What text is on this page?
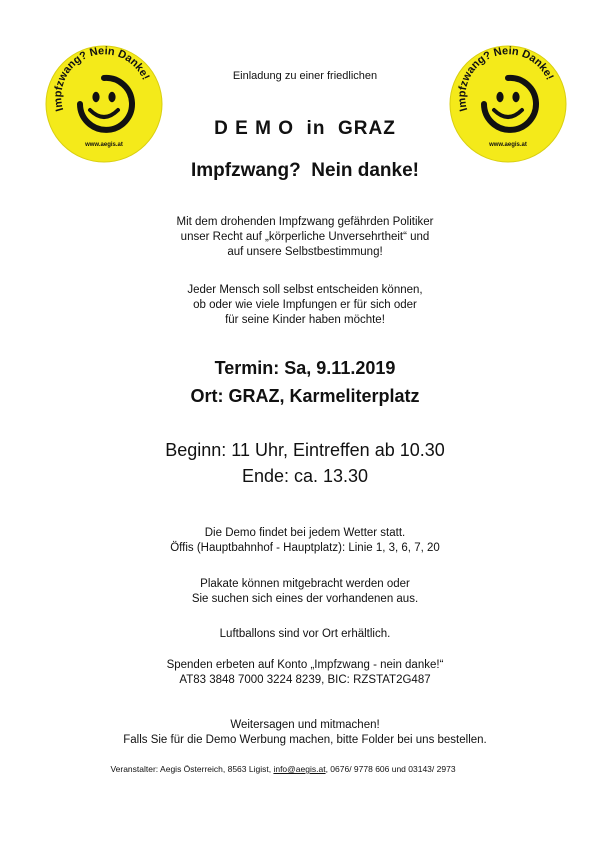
Impfzwang? Nein Danke!
www.aegis.at
Impfzwang? Nein Danke!
www.aegis.at
Einladung zu einer friedlichen
D E M O  in  GRAZ
Impfzwang?  Nein danke!
Mit dem drohenden Impfzwang gefährden Politiker
unser Recht auf „körperliche Unversehrtheit“ und
auf unsere Selbstbestimmung!
Jeder Mensch soll selbst entscheiden können,
ob oder wie viele Impfungen er für sich oder
für seine Kinder haben möchte!
Termin: Sa, 9.11.2019
Ort: GRAZ, Karmeliterplatz
Beginn: 11 Uhr, Eintreffen ab 10.30
Ende: ca. 13.30
Die Demo findet bei jedem Wetter statt.
Öffis (Hauptbahnhof - Hauptplatz): Linie 1, 3, 6, 7, 20
Plakate können mitgebracht werden oder
Sie suchen sich eines der vorhandenen aus.
Luftballons sind vor Ort erhältlich.
Spenden erbeten auf Konto „Impfzwang - nein danke!“
AT83 3848 7000 3224 8239, BIC: RZSTAT2G487
Weitersagen und mitmachen!
Falls Sie für die Demo Werbung machen, bitte Folder bei uns bestellen.
Veranstalter: Aegis Österreich, 8563 Ligist, info@aegis.at, 0676/ 9778 606 und 03143/ 2973
